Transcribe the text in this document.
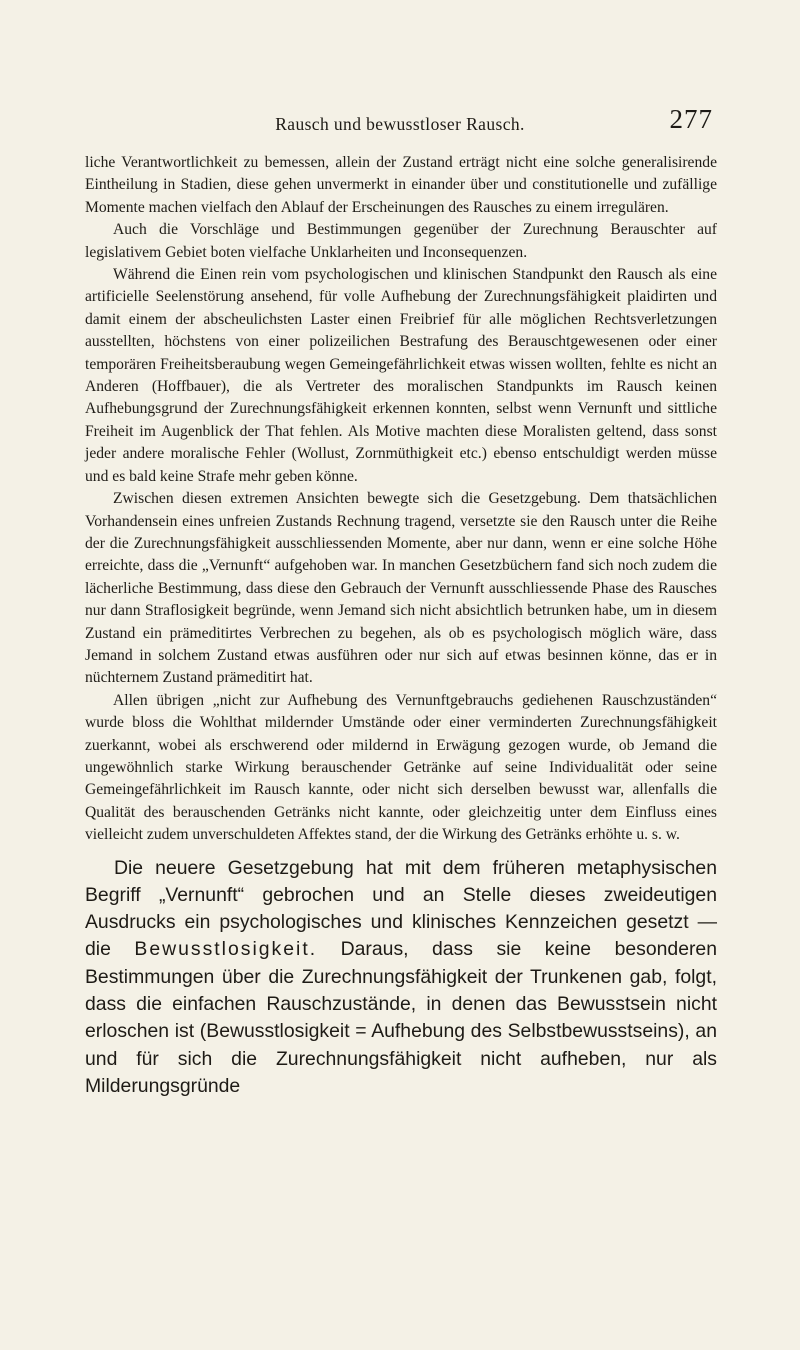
Rausch und bewusstloser Rausch.	277

liche Verantwortlichkeit zu bemessen, allein der Zustand erträgt nicht eine solche generalisirende Eintheilung in Stadien, diese gehen unvermerkt in einander über und constitutionelle und zufällige Momente machen vielfach den Ablauf der Erscheinungen des Rausches zu einem irregulären.

Auch die Vorschläge und Bestimmungen gegenüber der Zurechnung Berauschter auf legislativem Gebiet boten vielfache Unklarheiten und Inconsequenzen.

Während die Einen rein vom psychologischen und klinischen Standpunkt den Rausch als eine artificielle Seelenstörung ansehend, für volle Aufhebung der Zurechnungsfähigkeit plaidirten und damit einem der abscheulichsten Laster einen Freibrief für alle möglichen Rechtsverletzungen ausstellten, höchstens von einer polizeilichen Bestrafung des Berauschtgewesenen oder einer temporären Freiheitsberaubung wegen Gemeingefährlichkeit etwas wissen wollten, fehlte es nicht an Anderen (Hoffbauer), die als Vertreter des moralischen Standpunkts im Rausch keinen Aufhebungsgrund der Zurechnungsfähigkeit erkennen konnten, selbst wenn Vernunft und sittliche Freiheit im Augenblick der That fehlen. Als Motive machten diese Moralisten geltend, dass sonst jeder andere moralische Fehler (Wollust, Zornmüthigkeit etc.) ebenso entschuldigt werden müsse und es bald keine Strafe mehr geben könne.

Zwischen diesen extremen Ansichten bewegte sich die Gesetzgebung. Dem thatsächlichen Vorhandensein eines unfreien Zustands Rechnung tragend, versetzte sie den Rausch unter die Reihe der die Zurechnungsfähigkeit ausschliessenden Momente, aber nur dann, wenn er eine solche Höhe erreichte, dass die „Vernunft“ aufgehoben war. In manchen Gesetzbüchern fand sich noch zudem die lächerliche Bestimmung, dass diese den Gebrauch der Vernunft ausschliessende Phase des Rausches nur dann Straflosigkeit begründe, wenn Jemand sich nicht absichtlich betrunken habe, um in diesem Zustand ein prämeditirtes Verbrechen zu begehen, als ob es psychologisch möglich wäre, dass Jemand in solchem Zustand etwas ausführen oder nur sich auf etwas besinnen könne, das er in nüchternem Zustand prämeditirt hat.

Allen übrigen „nicht zur Aufhebung des Vernunftgebrauchs gediehenen Rauschzuständen“ wurde bloss die Wohlthat mildernder Umstände oder einer verminderten Zurechnungsfähigkeit zuerkannt, wobei als erschwerend oder mildernd in Erwägung gezogen wurde, ob Jemand die ungewöhnlich starke Wirkung berauschender Getränke auf seine Individualität oder seine Gemeingefährlichkeit im Rausch kannte, oder nicht sich derselben bewusst war, allenfalls die Qualität des berauschenden Getränks nicht kannte, oder gleichzeitig unter dem Einfluss eines vielleicht zudem unverschuldeten Affektes stand, der die Wirkung des Getränks erhöhte u. s. w.

Die neuere Gesetzgebung hat mit dem früheren metaphysischen Begriff „Vernunft“ gebrochen und an Stelle dieses zweideutigen Ausdrucks ein psychologisches und klinisches Kennzeichen gesetzt — die Bewusstlosigkeit. Daraus, dass sie keine besonderen Bestimmungen über die Zurechnungsfähigkeit der Trunkenen gab, folgt, dass die einfachen Rauschzustände, in denen das Bewusstsein nicht erloschen ist (Bewusstlosigkeit = Aufhebung des Selbstbewusstseins), an und für sich die Zurechnungsfähigkeit nicht aufheben, nur als Milderungsgründe
